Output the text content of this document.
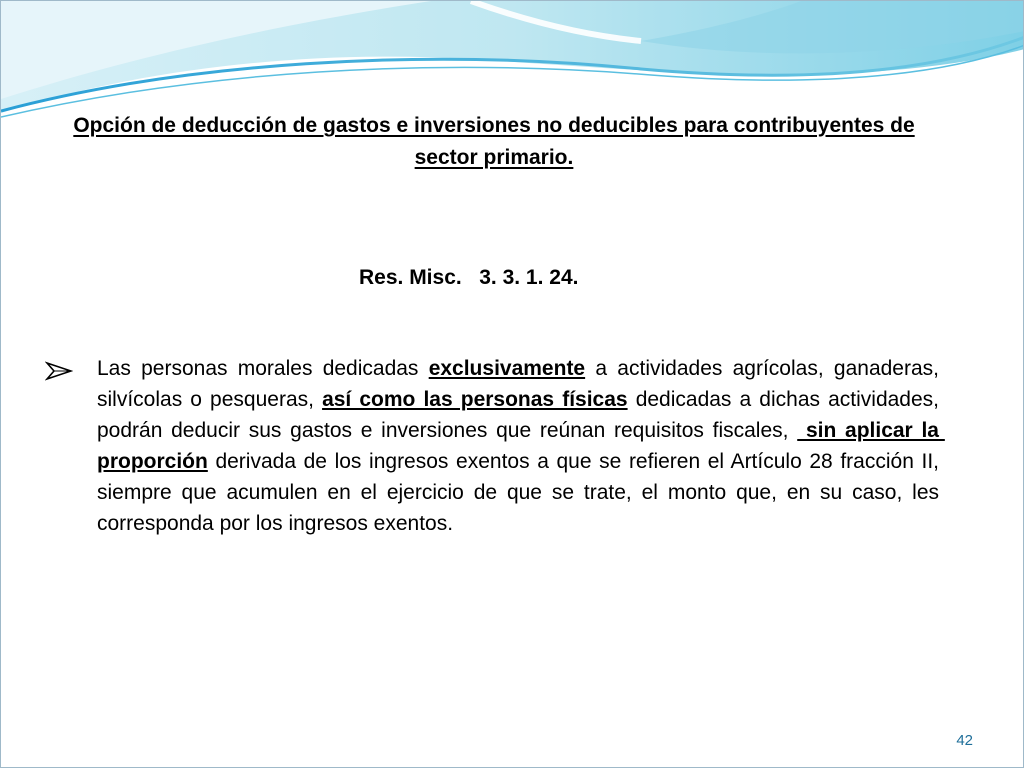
Opción de deducción de gastos e inversiones no deducibles para contribuyentes de sector primario.
Res. Misc.   3. 3. 1. 24.
Las personas morales dedicadas exclusivamente a actividades agrícolas, ganaderas, silvícolas o pesqueras, así como las personas físicas dedicadas a dichas actividades, podrán deducir sus gastos e inversiones que reúnan requisitos fiscales,  sin aplicar la proporción derivada de los ingresos exentos a que se refieren el Artículo 28 fracción II, siempre que acumulen en el ejercicio de que se trate, el monto que, en su caso, les corresponda por los ingresos exentos.
42
